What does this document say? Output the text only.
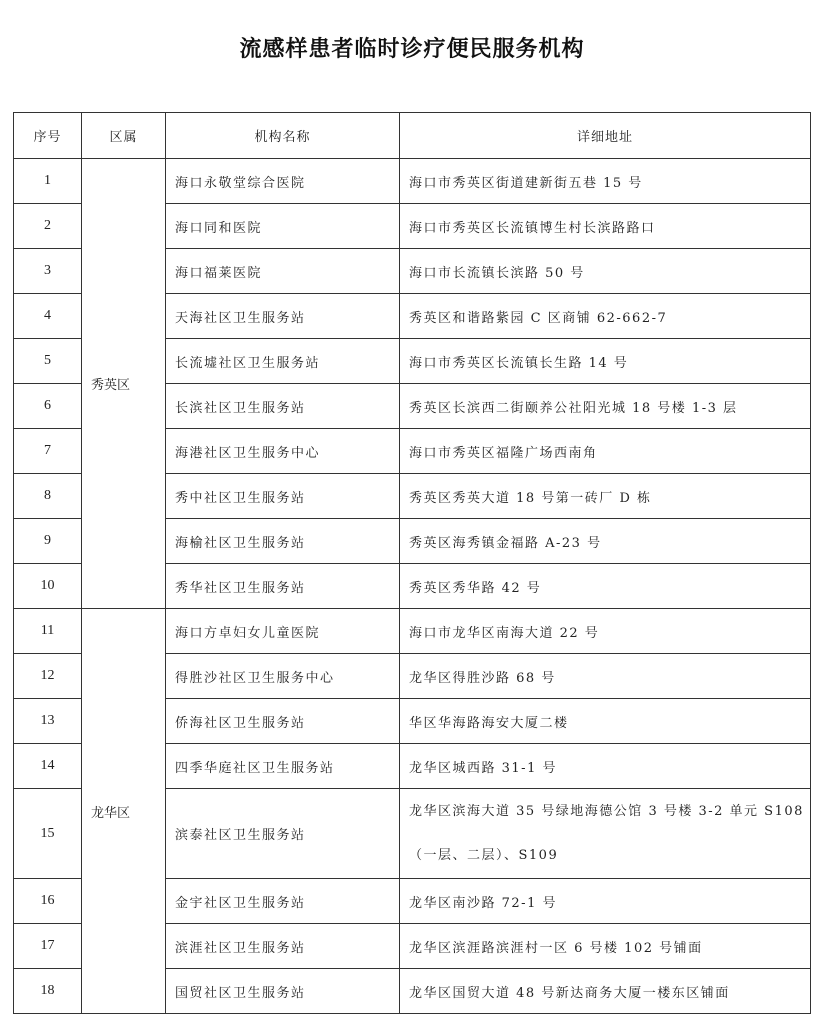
流感样患者临时诊疗便民服务机构
序号	区属	机构名称	详细地址
1	秀英区	海口永敬堂综合医院	海口市秀英区街道建新街五巷 15 号
2		海口同和医院	海口市秀英区长流镇博生村长滨路路口
3		海口福莱医院	海口市长流镇长滨路 50 号
4		天海社区卫生服务站	秀英区和谐路紫园 C 区商铺 62-662-7
5		长流墟社区卫生服务站	海口市秀英区长流镇长生路 14 号
6		长滨社区卫生服务站	秀英区长滨西二街颐养公社阳光城 18 号楼 1-3 层
7		海港社区卫生服务中心	海口市秀英区福隆广场西南角
8		秀中社区卫生服务站	秀英区秀英大道 18 号第一砖厂 D 栋
9		海榆社区卫生服务站	秀英区海秀镇金福路 A-23 号
10		秀华社区卫生服务站	秀英区秀华路 42 号
11	龙华区	海口方卓妇女儿童医院	海口市龙华区南海大道 22 号
12		得胜沙社区卫生服务中心	龙华区得胜沙路 68 号
13		侨海社区卫生服务站	华区华海路海安大厦二楼
14		四季华庭社区卫生服务站	龙华区城西路 31-1 号
15		滨泰社区卫生服务站	龙华区滨海大道 35 号绿地海德公馆 3 号楼 3-2 单元 S108（一层、二层）、S109
16		金宇社区卫生服务站	龙华区南沙路 72-1 号
17		滨涯社区卫生服务站	龙华区滨涯路滨涯村一区 6 号楼 102 号铺面
18		国贸社区卫生服务站	龙华区国贸大道 48 号新达商务大厦一楼东区铺面
